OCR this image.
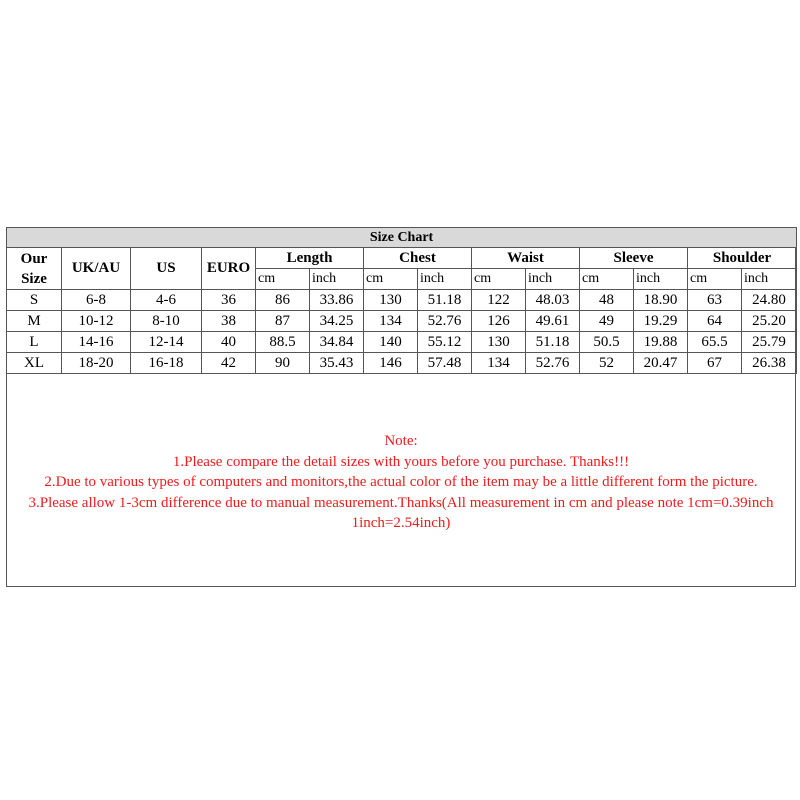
Size Chart													
Our
Size	UK/AU	US	EURO	Length		Chest		Waist		Sleeve		Shoulder	
				cm	inch	cm	inch	cm	inch	cm	inch	cm	inch
S	6-8	4-6	36	86	33.86	130	51.18	122	48.03	48	18.90	63	24.80
M	10-12	8-10	38	87	34.25	134	52.76	126	49.61	49	19.29	64	25.20
L	14-16	12-14	40	88.5	34.84	140	55.12	130	51.18	50.5	19.88	65.5	25.79
XL	18-20	16-18	42	90	35.43	146	57.48	134	52.76	52	20.47	67	26.38
Note:
1.Please compare the detail sizes with yours before you purchase. Thanks!!!
2.Due to various types of computers and monitors,the actual color of the item may be a little different form the picture.
3.Please allow 1-3cm difference due to manual measurement.Thanks(All measurement in cm and please note 1cm=0.39inch
1inch=2.54inch)
